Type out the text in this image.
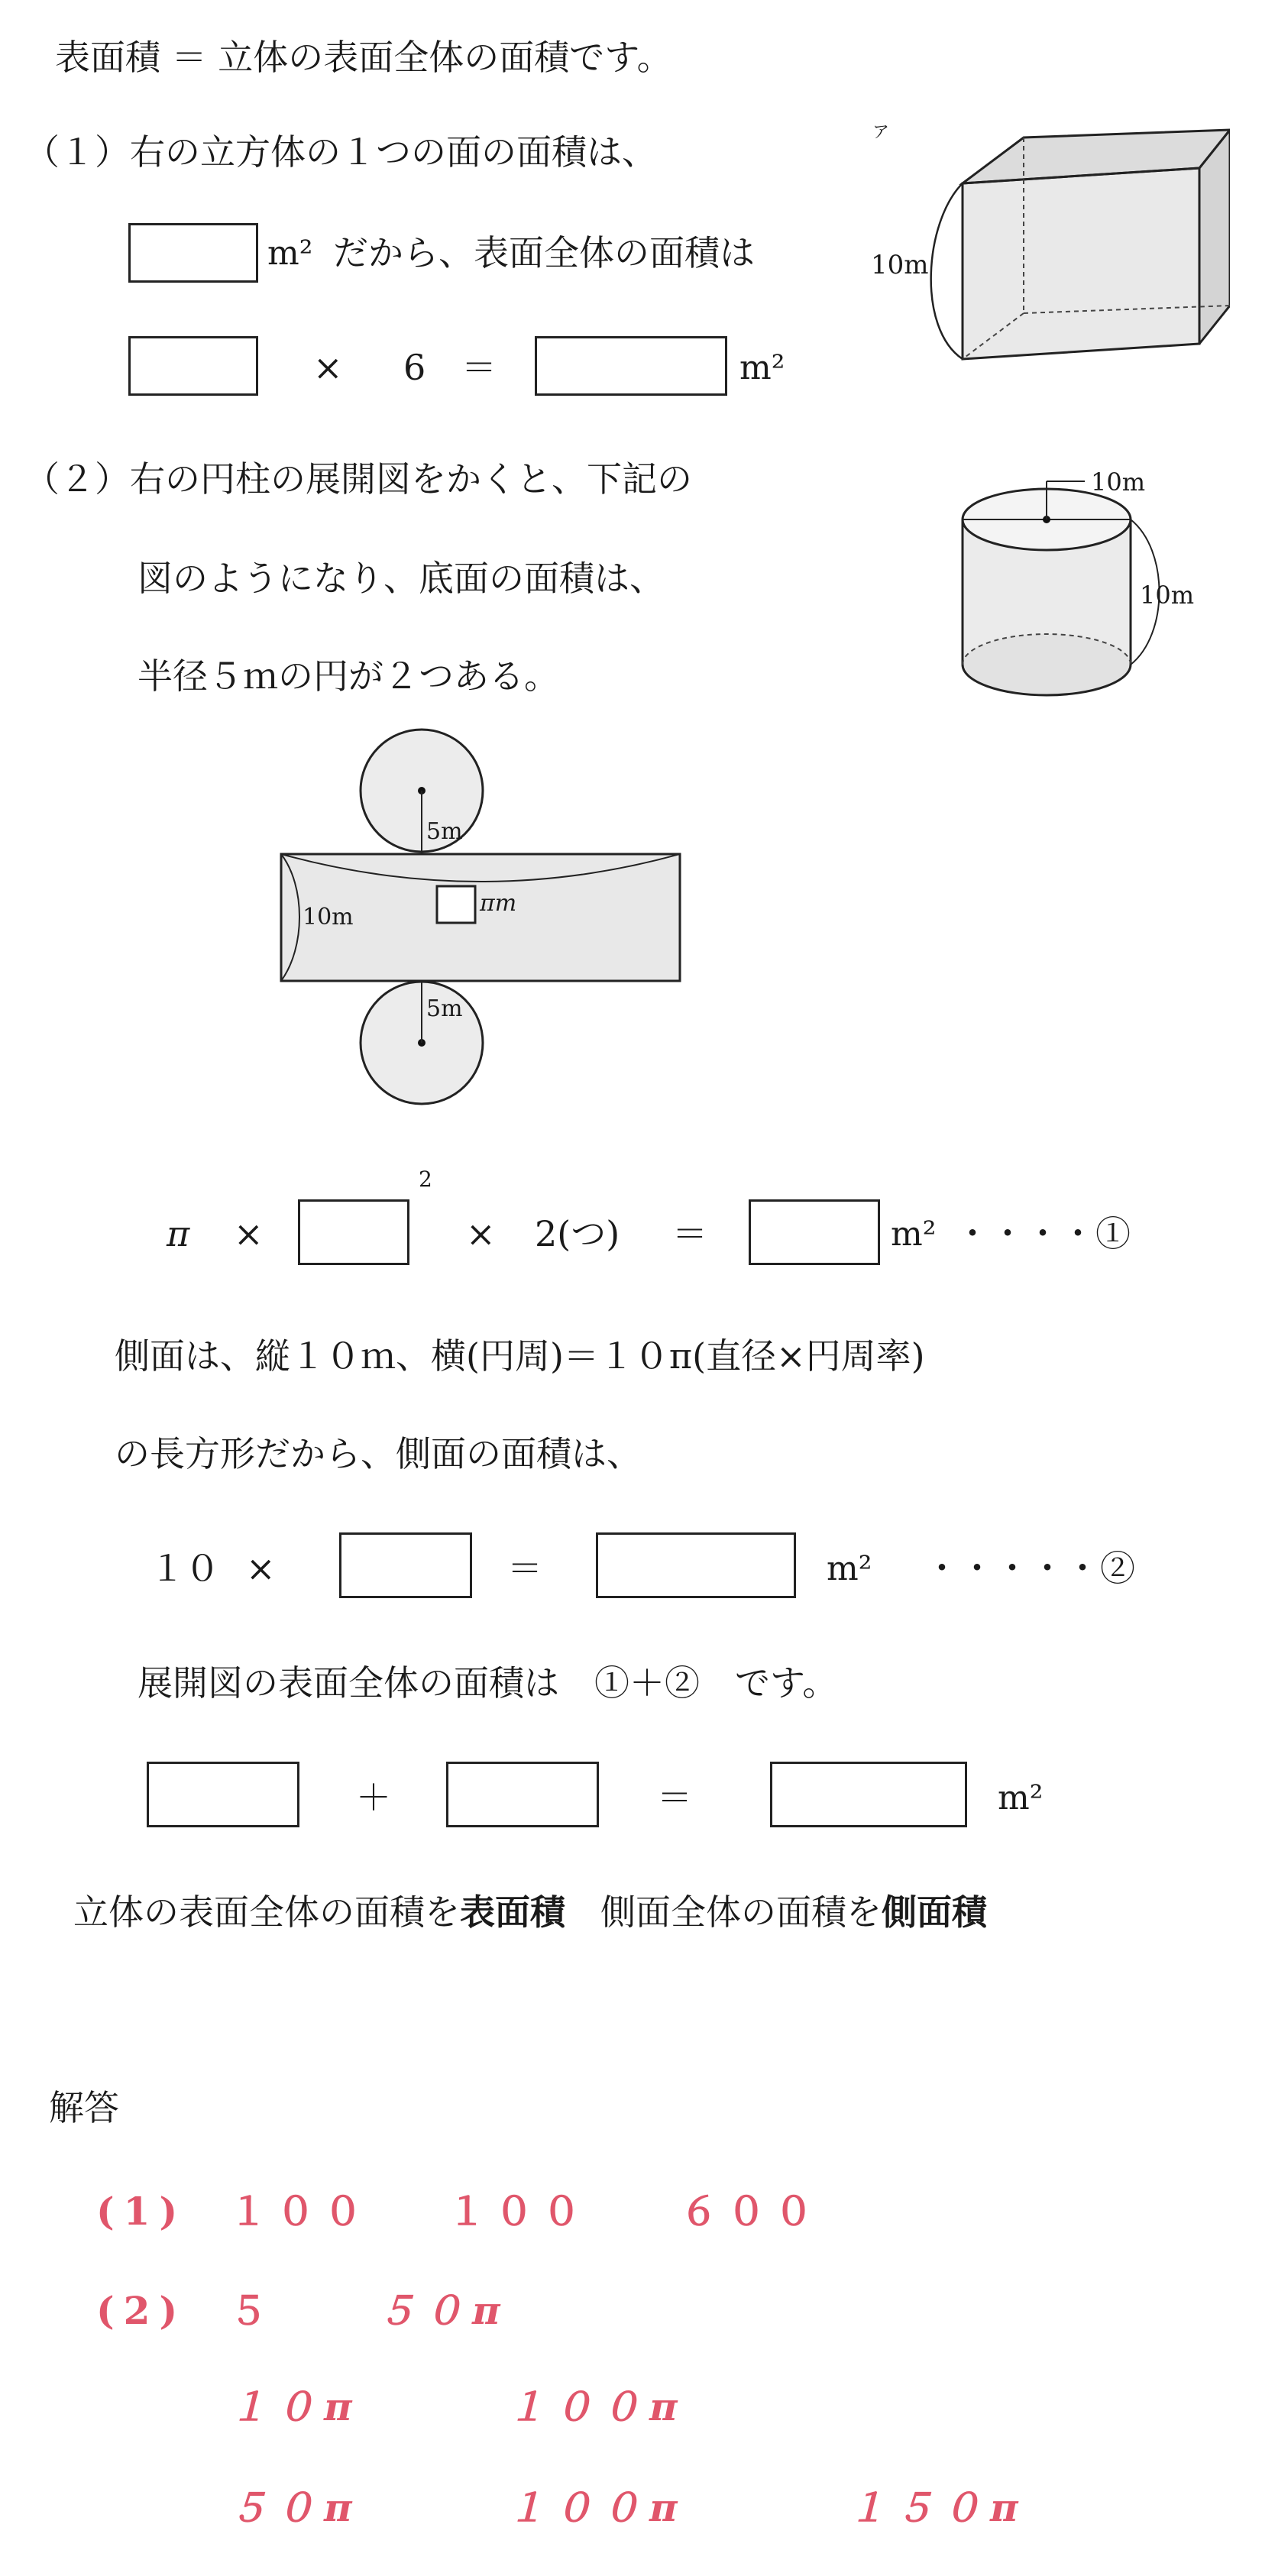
表面積 ＝ 立体の表面全体の面積です。
（１）右の立方体の１つの面の面積は、
m² だから、表面全体の面積は
× 6 ＝	m²
10m
ア
（２）右の円柱の展開図をかくと、下記の
図のようになり、底面の面積は、
半径５ｍの円が２つある。
10m
10m
5m
5m
10m
πm
π ×
2
× 2(つ) ＝	m² ・・・・①
側面は、縦１０ｍ、横(円周)＝１０π(直径×円周率)
の長方形だから、側面の面積は、
１０ ×	＝	m² ・・・・・②
展開図の表面全体の面積は　①＋②　です。
＋	＝	m²
立体の表面全体の面積を表面積　側面全体の面積を側面積
解答
(1) １００ １００ ６００
(2) ５	５０π
１０π	１００π
５０π	１００π	１５０π
